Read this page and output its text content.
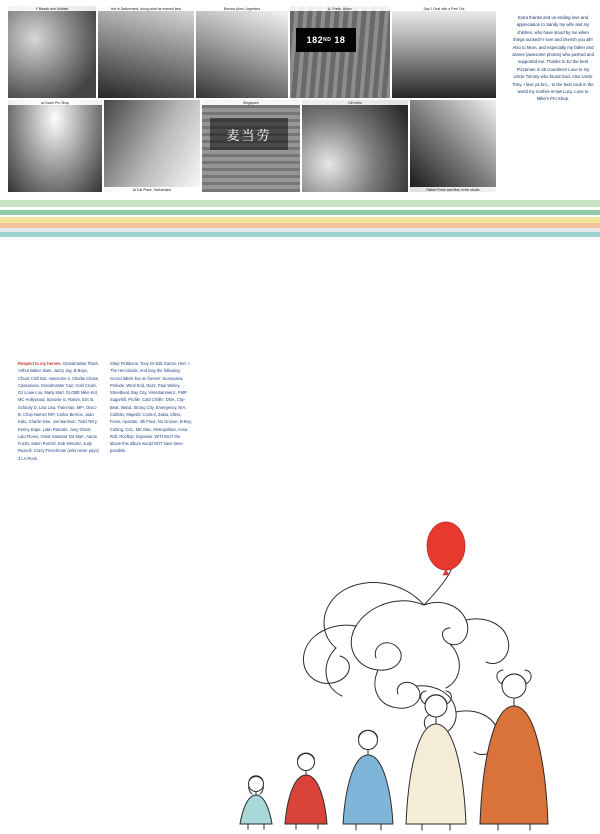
Y Bleach and Untitled	Hot in Switzerland, doing what he learned best	Buenos Aires, Argentina
182 ND
18
A. Fresh, Bronx	Day 1 Deal with a Peel Out
on Dad's Pro Shop
At Cat Place, Switzerland
麦当劳
Singapore	Girl w/bo
Father Fresh and Man in the studio
Extra thanks and un-ending love and appreciation to Sandy my wife and my children, who have stood by me when things sucked!! I love and cherish you all!! Also to Mom, and especially my father and James (awesome photos) who pushed and supported me. Thanks to EJ the best Pizzaman in 28 countries!! Love to my Uncle Tommy who found God. Also Uncle Tony, I love ya bro... to the best cook in the world my mother-in-law Lucy. Love to Mike's Pro Shop.
Respect to my heroes. Grandmaster Flash, Arthur Baker, Bam, Jazzy Jay, B-Boys, Chuck Chill Out, Awesome 2, Charlie Chase, Cassanova, Grandmaster Caz, Cold Crush, DJ Louie Lou, Marly Marl, GLOBE Mike Kid, MC Hollywood, Spoonie G, Rakim, Eric B, Schooly D, Lisa Lisa, Trainman, MF³, Disco B, Chop Numez RIP, Carlos Berrios, Juan Kato, Charlie Dee, Joe Barrison, Todd Terry, Kenny Dope, Latin Rascals, Joey Ghost, Lalo Flores, Omar Santana 'Da Man', Aaron Fuchs, Mann Parrish, Bob Mendez, Judy Russell, Crazy Frenchman (who never pays) 3 LA Rock,
Shep Pettibone, Tony Dr Edit Garcia, Herc + The Herculoids. And may the following record labels live on forever: Sunnyview, Prelude, West End, Dazz, Paul Winley, Streetbeat, Bay City, Vintertainmenz, PMP, Sugarhill, Profile, Cold Chillin', DNA, City-Beat, Wand, Strong City, Emergency, NIA, Cobbler, Majestic Control, Zakia, Idlers, Fever, Apastan, 4th Floor, Nu Groove, B-Boy, Cutting, CCL, Mic Mac, Metropolitan, Anna Roll, Rooftop, Dopewar. WITHOUT the above this album would NOT have been possible.
